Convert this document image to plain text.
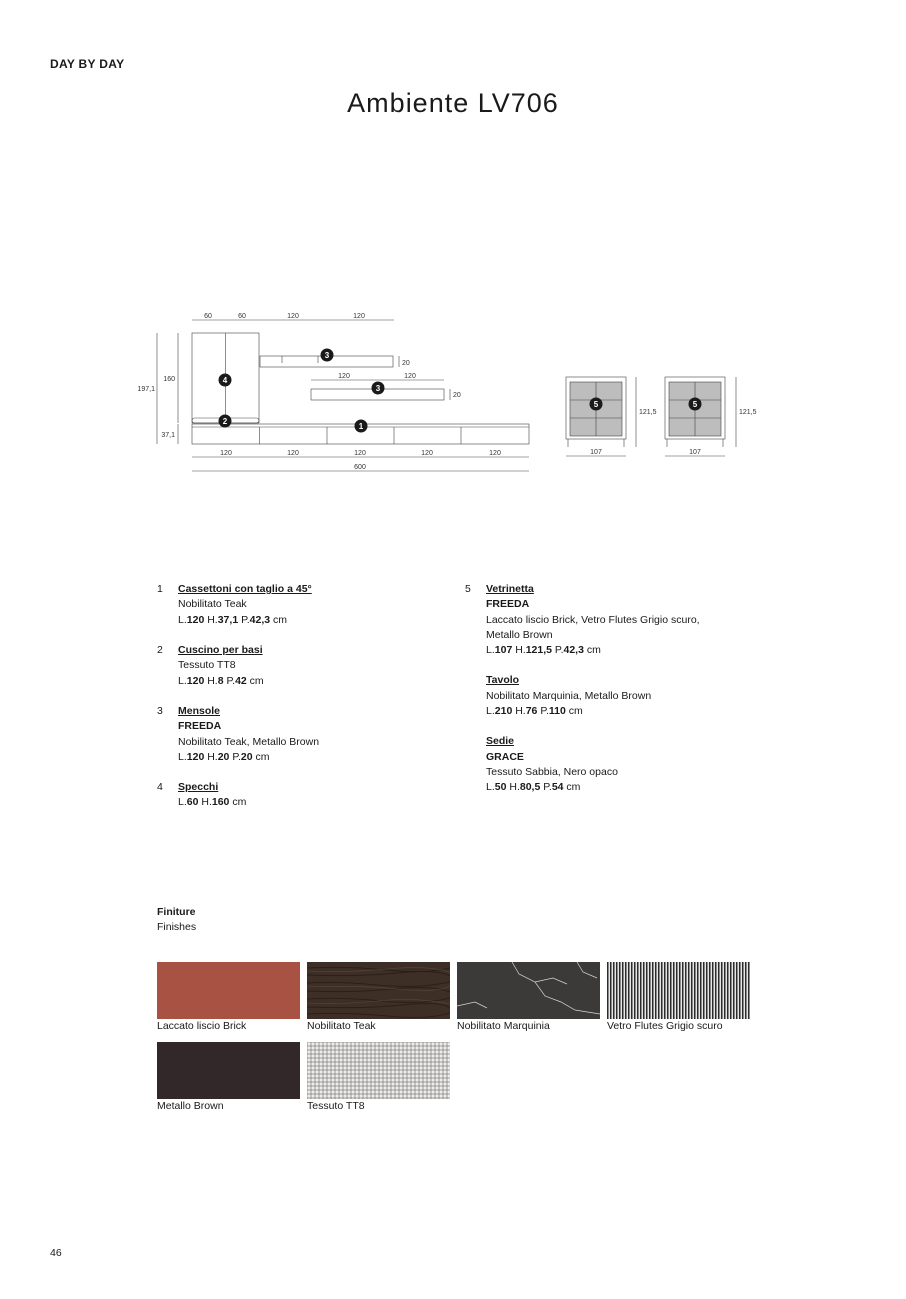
DAY BY DAY
Ambiente LV706
60	60	120	120
120	120
120	120	120	120	120
600
197,1
160
37,1
20
20
107	107
121,5	121,5
1
2
3
3
4
5	5
1 Cassettoni con taglio a 45°
Nobilitato Teak
L.120 H.37,1 P.42,3 cm
2 Cuscino per basi
Tessuto TT8
L.120 H.8 P.42 cm
3 Mensole
FREEDA
Nobilitato Teak, Metallo Brown
L.120 H.20 P.20 cm
4 Specchi
L.60 H.160 cm
5 Vetrinetta
FREEDA
Laccato liscio Brick, Vetro Flutes Grigio scuro,
Metallo Brown
L.107 H.121,5 P.42,3 cm
Tavolo
Nobilitato Marquinia, Metallo Brown
L.210 H.76 P.110 cm
Sedie
GRACE
Tessuto Sabbia, Nero opaco
L.50 H.80,5 P.54 cm
Finiture
Finishes
Laccato liscio Brick	Nobilitato Teak	Nobilitato Marquinia	Vetro Flutes Grigio scuro
Metallo Brown	Tessuto TT8
46
